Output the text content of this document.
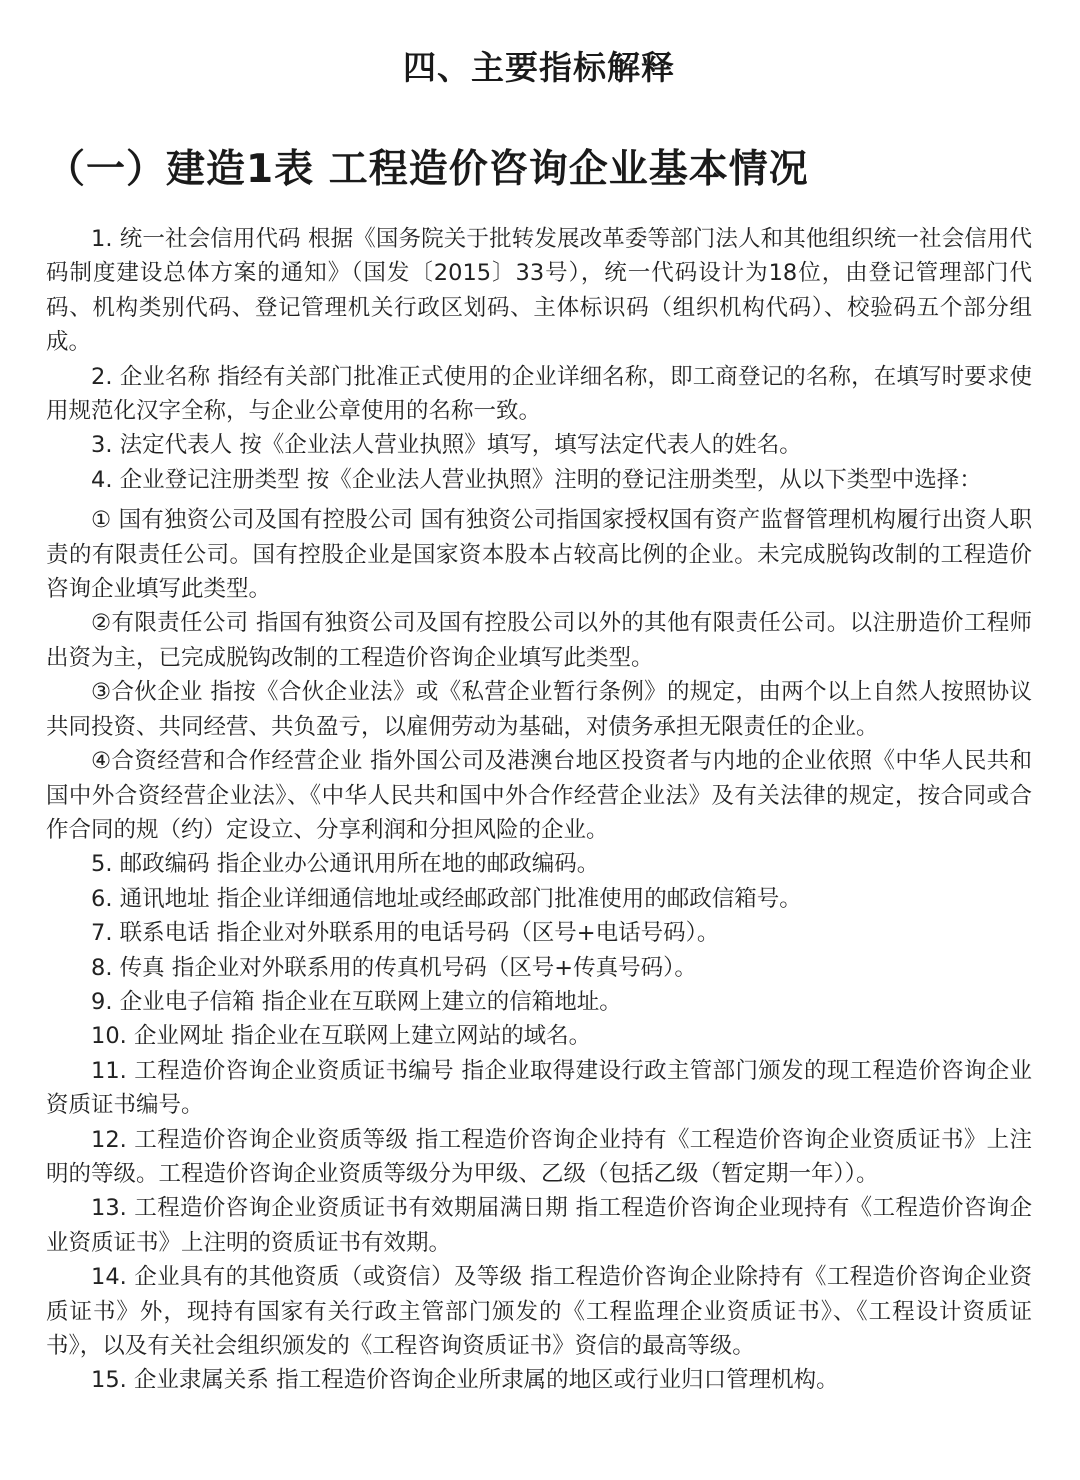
四、主要指标解释
（一）建造1表 工程造价咨询企业基本情况

1. 统一社会信用代码 根据《国务院关于批转发展改革委等部门法人和其他组织统一社会信用代码制度建设总体方案的通知》（国发〔2015〕33号），统一代码设计为18位，由登记管理部门代码、机构类别代码、登记管理机关行政区划码、主体标识码（组织机构代码）、校验码五个部分组成。

2. 企业名称 指经有关部门批准正式使用的企业详细名称，即工商登记的名称，在填写时要求使用规范化汉字全称，与企业公章使用的名称一致。

3. 法定代表人 按《企业法人营业执照》填写，填写法定代表人的姓名。

4. 企业登记注册类型 按《企业法人营业执照》注明的登记注册类型，从以下类型中选择：

① 国有独资公司及国有控股公司 国有独资公司指国家授权国有资产监督管理机构履行出资人职责的有限责任公司。国有控股企业是国家资本股本占较高比例的企业。未完成脱钩改制的工程造价咨询企业填写此类型。

②有限责任公司 指国有独资公司及国有控股公司以外的其他有限责任公司。以注册造价工程师出资为主，已完成脱钩改制的工程造价咨询企业填写此类型。

③合伙企业 指按《合伙企业法》或《私营企业暂行条例》的规定，由两个以上自然人按照协议共同投资、共同经营、共负盈亏，以雇佣劳动为基础，对债务承担无限责任的企业。

④合资经营和合作经营企业 指外国公司及港澳台地区投资者与内地的企业依照《中华人民共和国中外合资经营企业法》、《中华人民共和国中外合作经营企业法》及有关法律的规定，按合同或合作合同的规（约）定设立、分享利润和分担风险的企业。

5. 邮政编码 指企业办公通讯用所在地的邮政编码。

6. 通讯地址 指企业详细通信地址或经邮政部门批准使用的邮政信箱号。

7. 联系电话 指企业对外联系用的电话号码（区号+电话号码）。

8. 传真 指企业对外联系用的传真机号码（区号+传真号码）。

9. 企业电子信箱 指企业在互联网上建立的信箱地址。

10. 企业网址 指企业在互联网上建立网站的域名。

11. 工程造价咨询企业资质证书编号 指企业取得建设行政主管部门颁发的现工程造价咨询企业资质证书编号。

12. 工程造价咨询企业资质等级 指工程造价咨询企业持有《工程造价咨询企业资质证书》上注明的等级。工程造价咨询企业资质等级分为甲级、乙级（包括乙级（暂定期一年））。

13. 工程造价咨询企业资质证书有效期届满日期 指工程造价咨询企业现持有《工程造价咨询企业资质证书》上注明的资质证书有效期。

14. 企业具有的其他资质（或资信）及等级 指工程造价咨询企业除持有《工程造价咨询企业资质证书》外，现持有国家有关行政主管部门颁发的《工程监理企业资质证书》、《工程设计资质证书》，以及有关社会组织颁发的《工程咨询资质证书》资信的最高等级。

15. 企业隶属关系 指工程造价咨询企业所隶属的地区或行业归口管理机构。
